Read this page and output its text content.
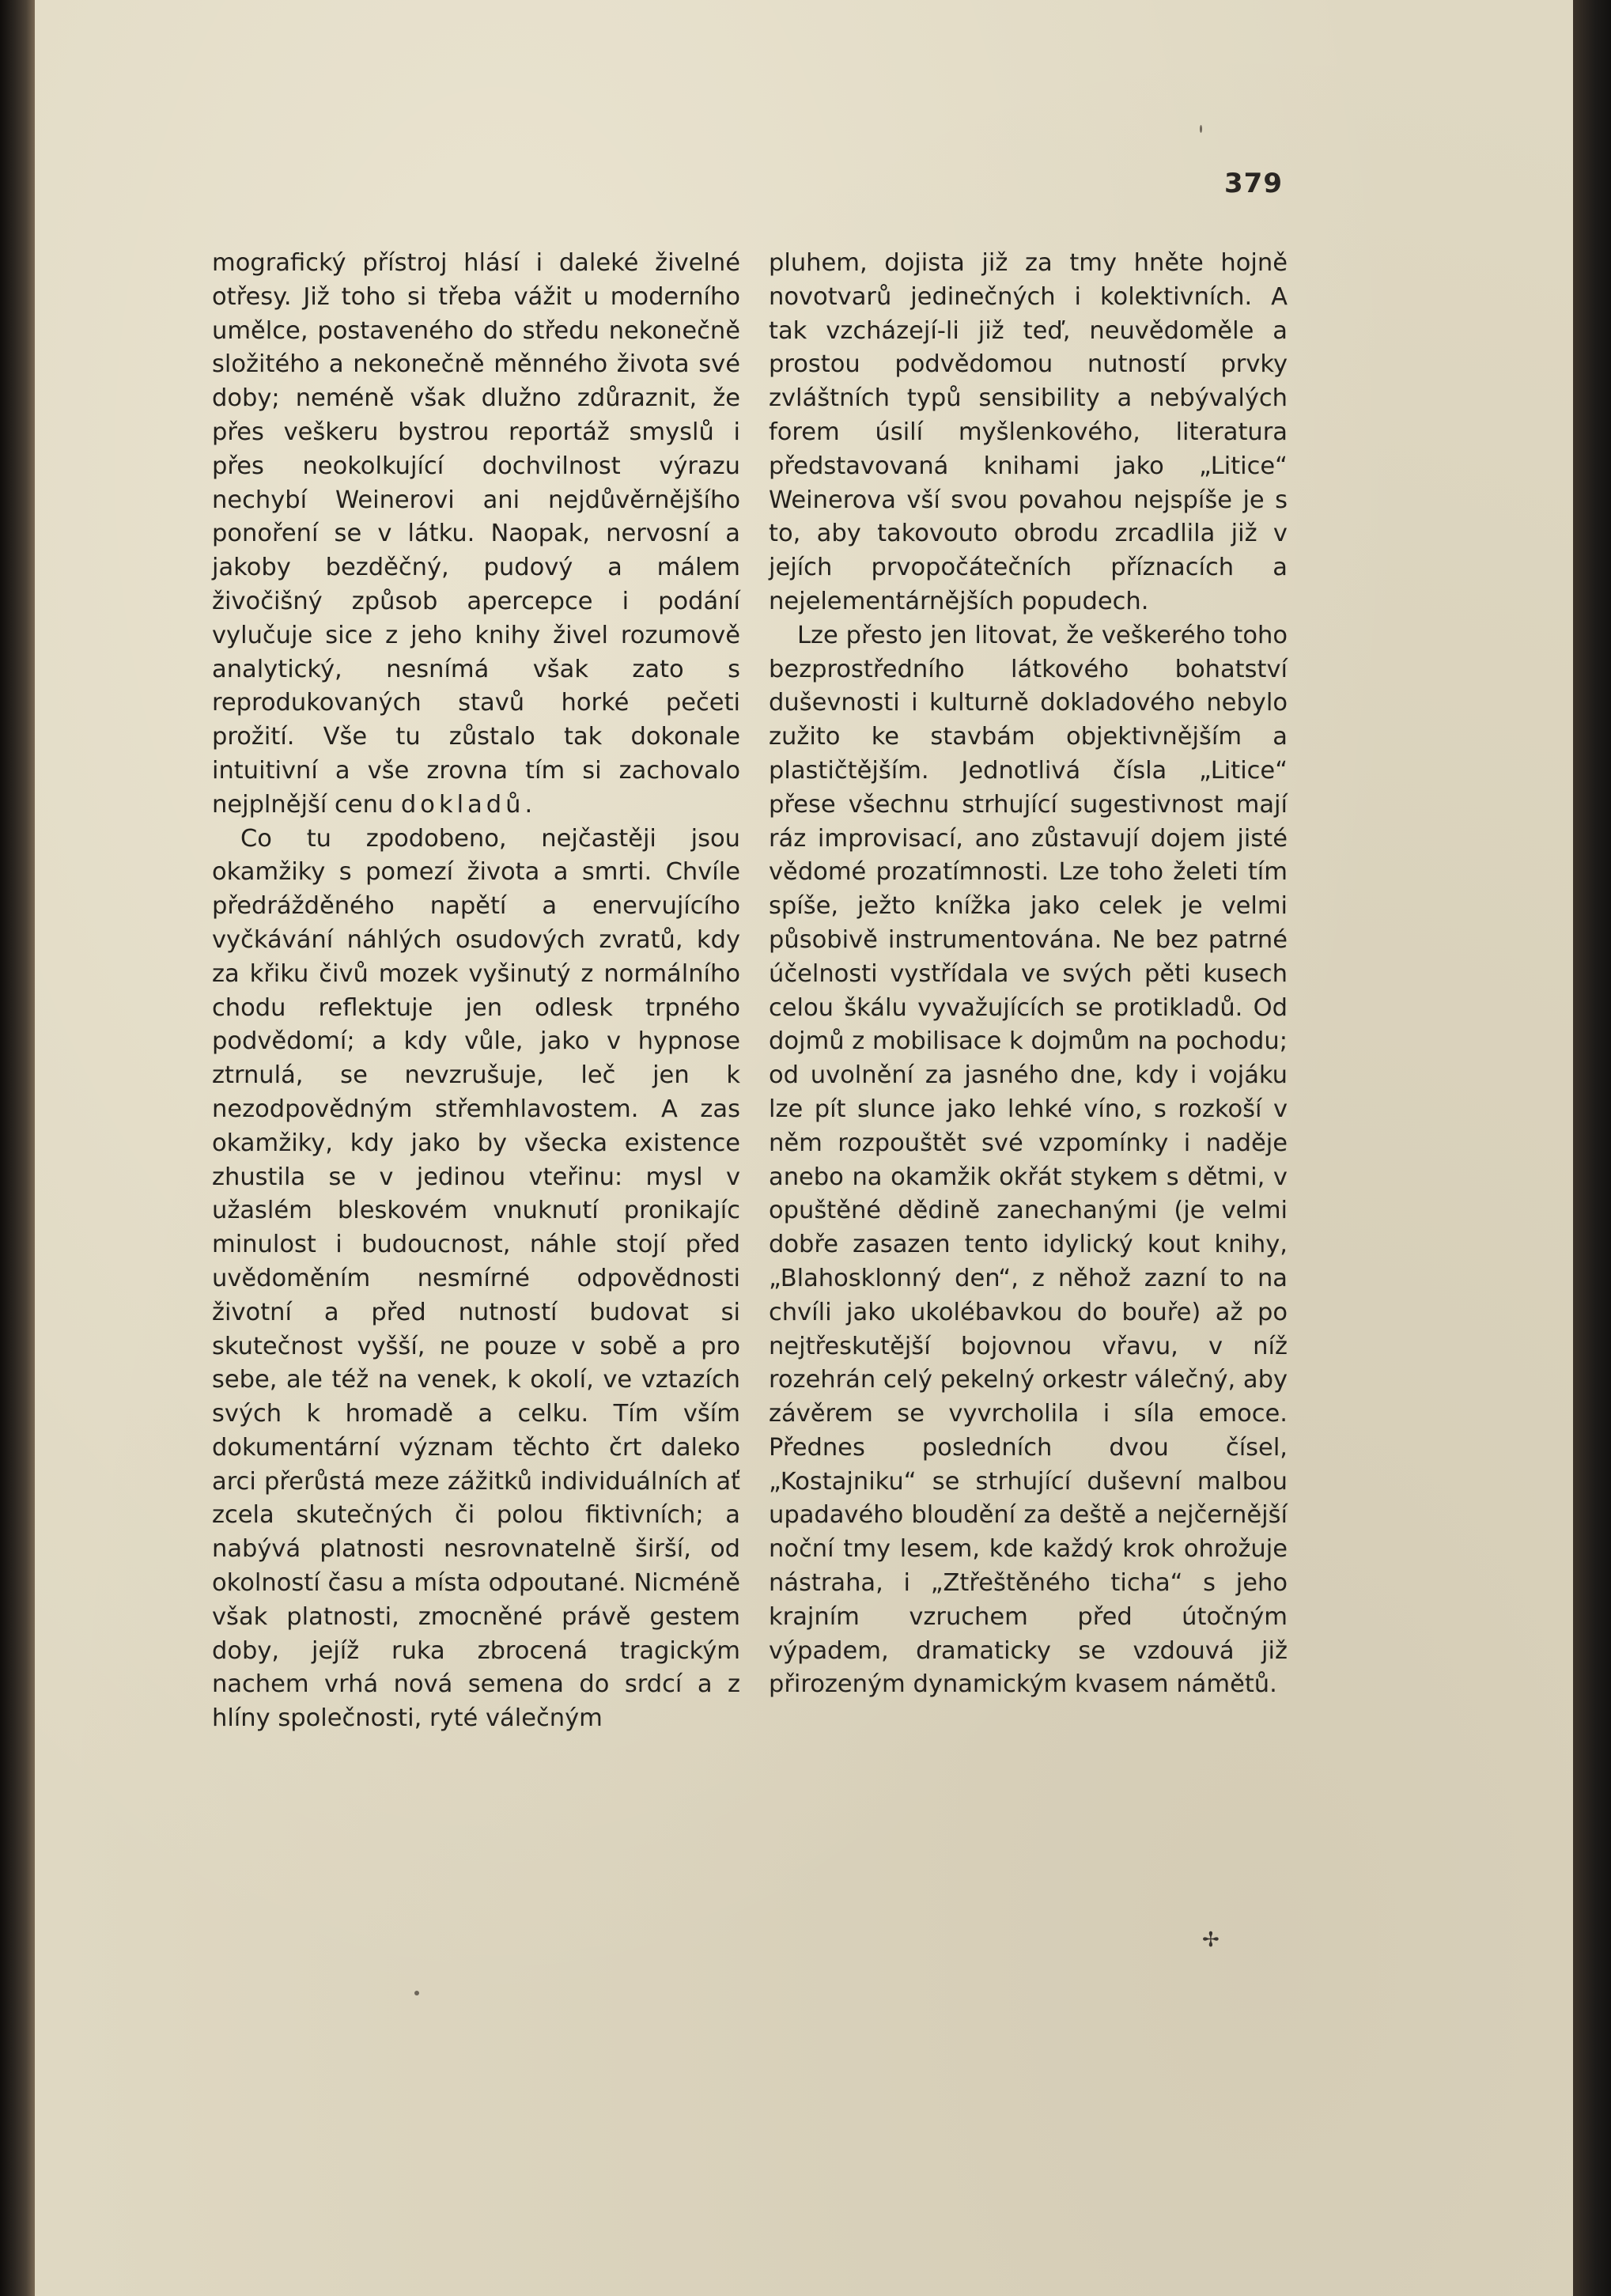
379

mografický přístroj hlásí i daleké živelné otřesy. Již toho si třeba vážit u moderního umělce, postaveného do středu nekonečně složitého a nekonečně měnného života své doby; neméně však dlužno zdůraznit, že přes veškeru bystrou reportáž smyslů i přes neokolkující dochvilnost výrazu nechybí Weinerovi ani nejdůvěrnějšího ponoření se v látku. Naopak, nervosní a jakoby bezděčný, pudový a málem živočišný způsob apercepce i podání vylučuje sice z jeho knihy živel rozumově analytický, nesnímá však zato s reprodukovaných stavů horké pečeti prožití. Vše tu zůstalo tak dokonale intuitivní a vše zrovna tím si zachovalo nejplnější cenu dokladů.

Co tu zpodobeno, nejčastěji jsou okamžiky s pomezí života a smrti. Chvíle předrážděného napětí a enervujícího vyčkávání náhlých osudových zvratů, kdy za křiku čivů mozek vyšinutý z normálního chodu reflektuje jen odlesk trpného podvědomí; a kdy vůle, jako v hypnose ztrnulá, se nevzrušuje, leč jen k nezodpovědným střemhlavostem. A zas okamžiky, kdy jako by všecka existence zhustila se v jedinou vteřinu: mysl v užaslém bleskovém vnuknutí pronikajíc minulost i budoucnost, náhle stojí před uvědoměním nesmírné odpovědnosti životní a před nutností budovat si skutečnost vyšší, ne pouze v sobě a pro sebe, ale též na venek, k okolí, ve vztazích svých k hromadě a celku. Tím vším dokumentární význam těchto črt daleko arci přerůstá meze zážitků individuálních ať zcela skutečných či polou fiktivních; a nabývá platnosti nesrovnatelně širší, od okolností času a místa odpoutané. Nicméně však platnosti, zmocněné právě gestem doby, jejíž ruka zbrocená tragickým nachem vrhá nová semena do srdcí a z hlíny společnosti, ryté válečným

pluhem, dojista již za tmy hněte hojně novotvarů jedinečných i kolektivních. A tak vzcházejí-li již teď, neuvědoměle a prostou podvědomou nutností prvky zvláštních typů sensibility a nebývalých forem úsilí myšlenkového, literatura představovaná knihami jako „Litice“ Weinerova vší svou povahou nejspíše je s to, aby takovouto obrodu zrcadlila již v jejích prvopočátečních příznacích a nejelementárnějších popudech.

Lze přesto jen litovat, že veškerého toho bezprostředního látkového bohatství duševnosti i kulturně dokladového nebylo zužito ke stavbám objektivnějším a plastičtějším. Jednotlivá čísla „Litice“ přese všechnu strhující sugestivnost mají ráz improvisací, ano zůstavují dojem jisté vědomé prozatímnosti. Lze toho želeti tím spíše, ježto knížka jako celek je velmi působivě instrumentována. Ne bez patrné účelnosti vystřídala ve svých pěti kusech celou škálu vyvažujících se protikladů. Od dojmů z mobilisace k dojmům na pochodu; od uvolnění za jasného dne, kdy i vojáku lze pít slunce jako lehké víno, s rozkoší v něm rozpouštět své vzpomínky i naděje anebo na okamžik okřát stykem s dětmi, v opuštěné dědině zanechanými (je velmi dobře zasazen tento idylický kout knihy, „Blahosklonný den“, z něhož zazní to na chvíli jako ukolébavkou do bouře) až po nejtřeskutější bojovnou vřavu, v níž rozehrán celý pekelný orkestr válečný, aby závěrem se vyvrcholila i síla emoce. Přednes posledních dvou čísel, „Kostajniku“ se strhující duševní malbou upadavého bloudění za deště a nejčernější noční tmy lesem, kde každý krok ohrožuje nástraha, i „Ztřeštěného ticha“ s jeho krajním vzruchem před útočným výpadem, dramaticky se vzdouvá již přirozeným dynamickým kvasem námětů.

✢
